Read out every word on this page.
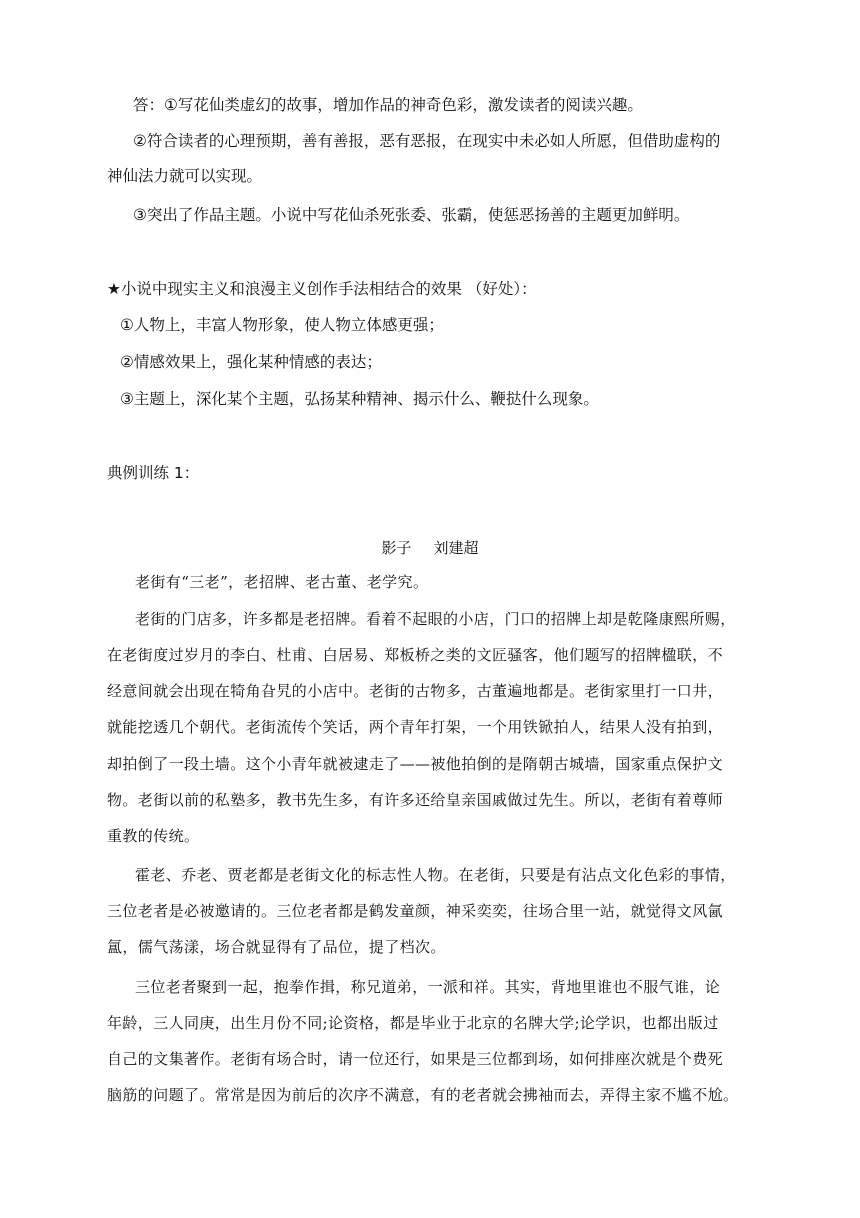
答：①写花仙类虚幻的故事，增加作品的神奇色彩，激发读者的阅读兴趣。
②符合读者的心理预期，善有善报，恶有恶报，在现实中未必如人所愿，但借助虚构的
神仙法力就可以实现。
③突出了作品主题。小说中写花仙杀死张委、张霸，使惩恶扬善的主题更加鲜明。
★小说中现实主义和浪漫主义创作手法相结合的效果 （好处）：
①人物上，丰富人物形象，使人物立体感更强；
②情感效果上，强化某种情感的表达；
③主题上，深化某个主题，弘扬某种精神、揭示什么、鞭挞什么现象。
典例训练 1：
影子 刘建超
老街有“三老”，老招牌、老古董、老学究。
老街的门店多，许多都是老招牌。看着不起眼的小店，门口的招牌上却是乾隆康熙所赐，
在老街度过岁月的李白、杜甫、白居易、郑板桥之类的文匠骚客，他们题写的招牌楹联，不
经意间就会出现在犄角旮旯的小店中。老街的古物多，古董遍地都是。老街家里打一口井，
就能挖透几个朝代。老街流传个笑话，两个青年打架，一个用铁锨拍人，结果人没有拍到，
却拍倒了一段土墙。这个小青年就被逮走了——被他拍倒的是隋朝古城墙，国家重点保护文
物。老街以前的私塾多，教书先生多，有许多还给皇亲国戚做过先生。所以，老街有着尊师
重教的传统。
霍老、乔老、贾老都是老街文化的标志性人物。在老街，只要是有沾点文化色彩的事情，
三位老者是必被邀请的。三位老者都是鹤发童颜，神采奕奕，往场合里一站，就觉得文风氤
氲，儒气荡漾，场合就显得有了品位，提了档次。
三位老者聚到一起，抱拳作揖，称兄道弟，一派和祥。其实，背地里谁也不服气谁，论
年龄，三人同庚，出生月份不同;论资格，都是毕业于北京的名牌大学;论学识，也都出版过
自己的文集著作。老街有场合时，请一位还行，如果是三位都到场，如何排座次就是个费死
脑筋的问题了。常常是因为前后的次序不满意，有的老者就会拂袖而去，弄得主家不尴不尬。
